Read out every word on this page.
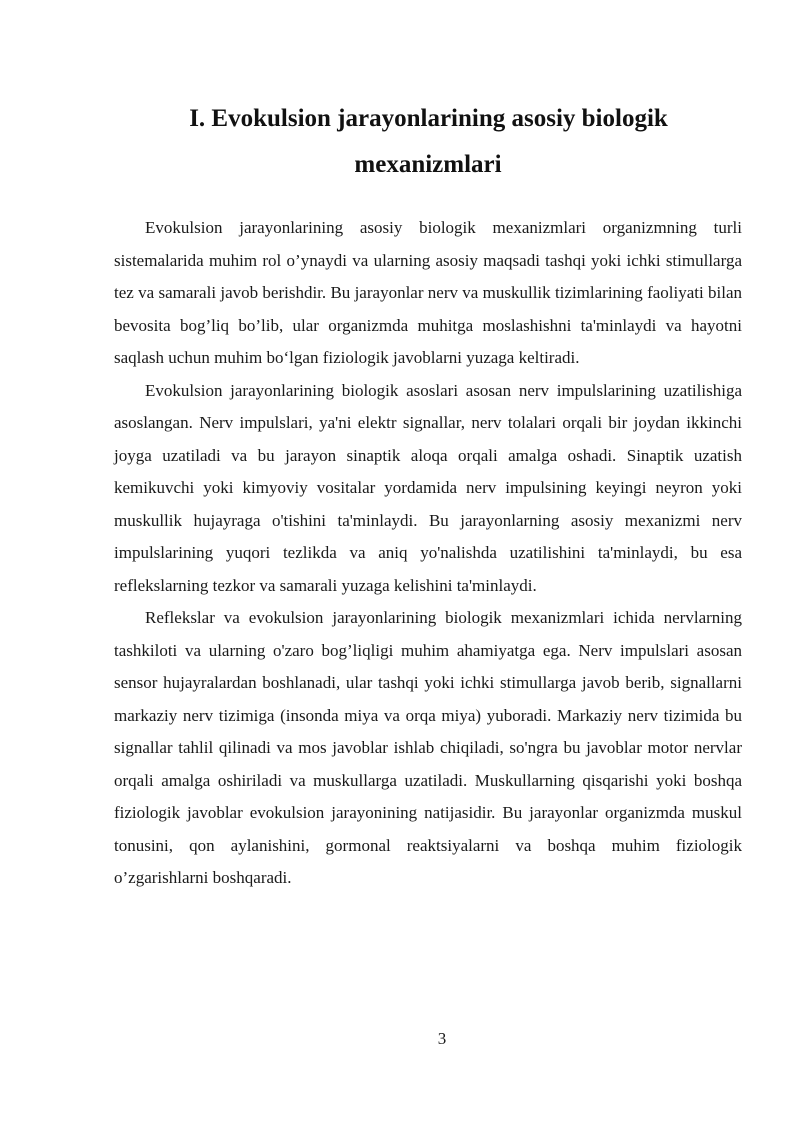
I. Evokulsion jarayonlarining asosiy biologik
mexanizmlari

Evokulsion jarayonlarining asosiy biologik mexanizmlari organizmning turli sistemalarida muhim rol o’ynaydi va ularning asosiy maqsadi tashqi yoki ichki stimullarga tez va samarali javob berishdir. Bu jarayonlar nerv va muskullik tizimlarining faoliyati bilan bevosita bog’liq bo’lib, ular organizmda muhitga moslashishni ta'minlaydi va hayotni saqlash uchun muhim bo‘lgan fiziologik javoblarni yuzaga keltiradi.

Evokulsion jarayonlarining biologik asoslari asosan nerv impulslarining uzatilishiga asoslangan. Nerv impulslari, ya'ni elektr signallar, nerv tolalari orqali bir joydan ikkinchi joyga uzatiladi va bu jarayon sinaptik aloqa orqali amalga oshadi. Sinaptik uzatish kemikuvchi yoki kimyoviy vositalar yordamida nerv impulsining keyingi neyron yoki muskullik hujayraga o'tishini ta'minlaydi. Bu jarayonlarning asosiy mexanizmi nerv impulslarining yuqori tezlikda va aniq yo'nalishda uzatilishini ta'minlaydi, bu esa reflekslarning tezkor va samarali yuzaga kelishini ta'minlaydi.

Reflekslar va evokulsion jarayonlarining biologik mexanizmlari ichida nervlarning tashkiloti va ularning o'zaro bog’liqligi muhim ahamiyatga ega. Nerv impulslari asosan sensor hujayralardan boshlanadi, ular tashqi yoki ichki stimullarga javob berib, signallarni markaziy nerv tizimiga (insonda miya va orqa miya) yuboradi. Markaziy nerv tizimida bu signallar tahlil qilinadi va mos javoblar ishlab chiqiladi, so'ngra bu javoblar motor nervlar orqali amalga oshiriladi va muskullarga uzatiladi. Muskullarning qisqarishi yoki boshqa fiziologik javoblar evokulsion jarayonining natijasidir. Bu jarayonlar organizmda muskul tonusini, qon aylanishini, gormonal reaktsiyalarni va boshqa muhim fiziologik o’zgarishlarni boshqaradi.

3
